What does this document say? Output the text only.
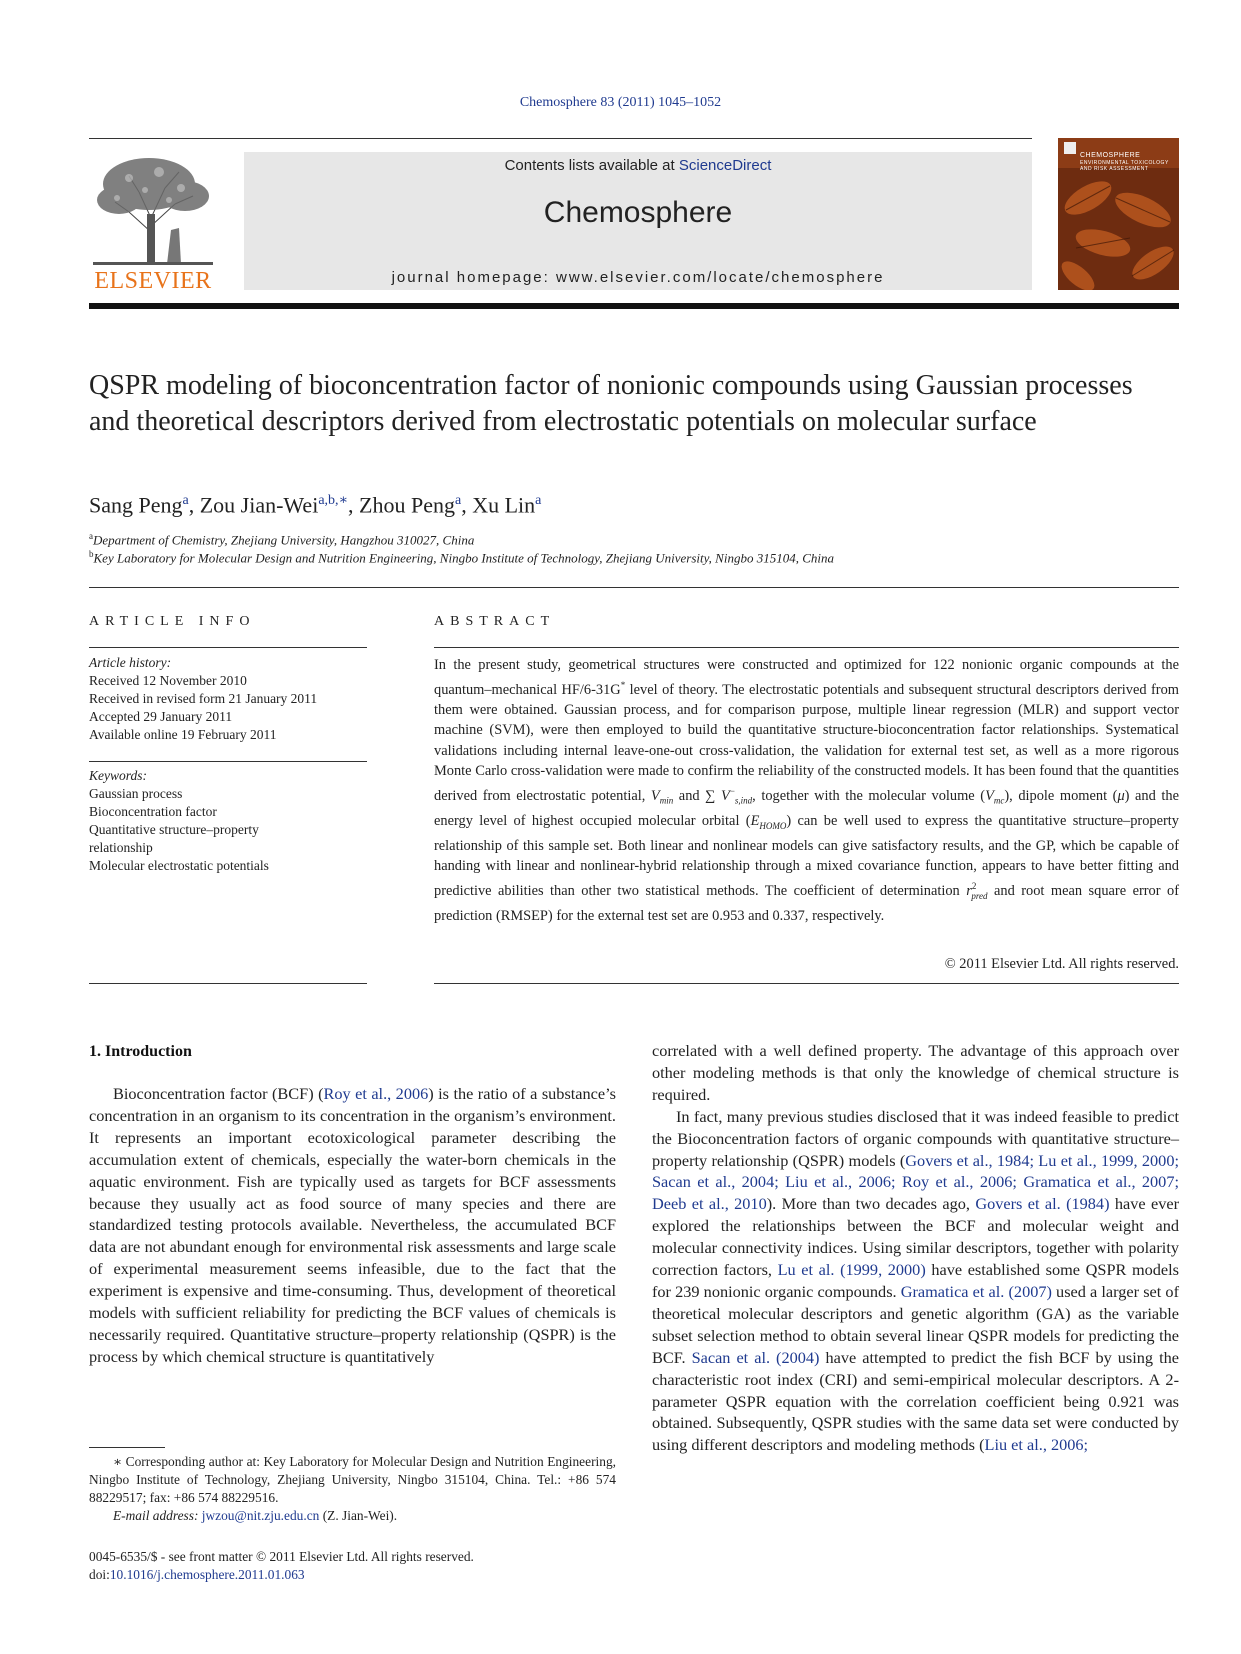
Chemosphere 83 (2011) 1045–1052
ELSEVIER
Contents lists available at ScienceDirect
Chemosphere
journal homepage: www.elsevier.com/locate/chemosphere
CHEMOSPHERE
ENVIRONMENTAL TOXICOLOGY AND RISK ASSESSMENT
QSPR modeling of bioconcentration factor of nonionic compounds using Gaussian processes and theoretical descriptors derived from electrostatic potentials on molecular surface
Sang Peng$^a$, Zou Jian-Wei$^{a,b,∗}$, Zhou Peng$^a$, Xu Lin$^a$
$^a$Department of Chemistry, Zhejiang University, Hangzhou 310027, China
$^b$Key Laboratory for Molecular Design and Nutrition Engineering, Ningbo Institute of Technology, Zhejiang University, Ningbo 315104, China
ARTICLE INFO
Article history:
Received 12 November 2010
Received in revised form 21 January 2011
Accepted 29 January 2011
Available online 19 February 2011
Keywords:
Gaussian process
Bioconcentration factor
Quantitative structure–property
relationship
Molecular electrostatic potentials
ABSTRACT

In the present study, geometrical structures were constructed and optimized for 122 nonionic organic compounds at the quantum–mechanical HF/6-31G* level of theory. The electrostatic potentials and subsequent structural descriptors derived from them were obtained. Gaussian process, and for comparison purpose, multiple linear regression (MLR) and support vector machine (SVM), were then employed to build the quantitative structure-bioconcentration factor relationships. Systematical validations including internal leave-one-out cross-validation, the validation for external test set, as well as a more rigorous Monte Carlo cross-validation were made to confirm the reliability of the constructed models. It has been found that the quantities derived from electrostatic potential, $V_{min}$ and ∑ $V^-_{s,ind}$, together with the molecular volume $(V_{mc})$, dipole moment (μ) and the energy level of highest occupied molecular orbital $(E_{HOMO})$ can be well used to express the quantitative structure–property relationship of this sample set. Both linear and nonlinear models can give satisfactory results, and the GP, which be capable of handing with linear and nonlinear-hybrid relationship through a mixed covariance function, appears to have better fitting and predictive abilities than other two statistical methods. The coefficient of determination $r^2_{pred}$ and root mean square error of prediction (RMSEP) for the external test set are 0.953 and 0.337, respectively.

© 2011 Elsevier Ltd. All rights reserved.
1. Introduction

Bioconcentration factor (BCF) (Roy et al., 2006) is the ratio of a substance’s concentration in an organism to its concentration in the organism’s environment. It represents an important ecotoxicological parameter describing the accumulation extent of chemicals, especially the water-born chemicals in the aquatic environment. Fish are typically used as targets for BCF assessments because they usually act as food source of many species and there are standardized testing protocols available. Nevertheless, the accumulated BCF data are not abundant enough for environmental risk assessments and large scale of experimental measurement seems infeasible, due to the fact that the experiment is expensive and time-consuming. Thus, development of theoretical models with sufficient reliability for predicting the BCF values of chemicals is necessarily required. Quantitative structure–property relationship (QSPR) is the process by which chemical structure is quantitatively

correlated with a well defined property. The advantage of this approach over other modeling methods is that only the knowledge of chemical structure is required.

In fact, many previous studies disclosed that it was indeed feasible to predict the Bioconcentration factors of organic compounds with quantitative structure–property relationship (QSPR) models (Govers et al., 1984; Lu et al., 1999, 2000; Sacan et al., 2004; Liu et al., 2006; Roy et al., 2006; Gramatica et al., 2007; Deeb et al., 2010). More than two decades ago, Govers et al. (1984) have ever explored the relationships between the BCF and molecular weight and molecular connectivity indices. Using similar descriptors, together with polarity correction factors, Lu et al. (1999, 2000) have established some QSPR models for 239 nonionic organic compounds. Gramatica et al. (2007) used a larger set of theoretical molecular descriptors and genetic algorithm (GA) as the variable subset selection method to obtain several linear QSPR models for predicting the BCF. Sacan et al. (2004) have attempted to predict the fish BCF by using the characteristic root index (CRI) and semi-empirical molecular descriptors. A 2-parameter QSPR equation with the correlation coefficient being 0.921 was obtained. Subsequently, QSPR studies with the same data set were conducted by using different descriptors and modeling methods (Liu et al., 2006;

∗ Corresponding author at: Key Laboratory for Molecular Design and Nutrition Engineering, Ningbo Institute of Technology, Zhejiang University, Ningbo 315104, China. Tel.: +86 574 88229517; fax: +86 574 88229516.

E-mail address: jwzou@nit.zju.edu.cn (Z. Jian-Wei).
0045-6535/$ - see front matter © 2011 Elsevier Ltd. All rights reserved.
doi:10.1016/j.chemosphere.2011.01.063
